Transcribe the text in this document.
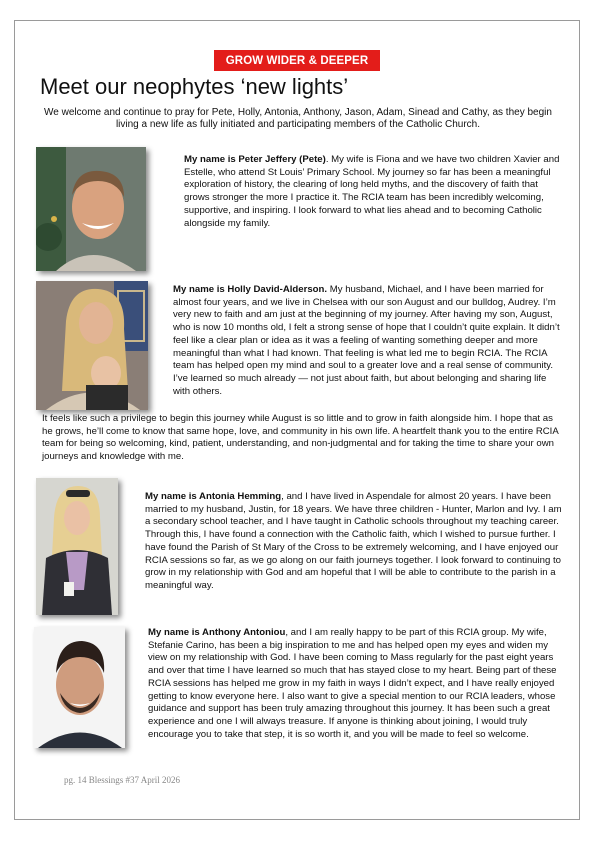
GROW WIDER & DEEPER
Meet our neophytes ‘new lights’

We welcome and continue to pray for Pete, Holly, Antonia, Anthony, Jason, Adam, Sinead and Cathy, as they begin living a new life as fully initiated and participating members of the Catholic Church.

My name is Peter Jeffery (Pete). My wife is Fiona and we have two children Xavier and Estelle, who attend St Louis’ Primary School. My journey so far has been a meaningful exploration of history, the clearing of long held myths, and the discovery of faith that grows stronger the more I practice it. The RCIA team has been incredibly welcoming, supportive, and inspiring. I look forward to what lies ahead and to becoming Catholic alongside my family.

My name is Holly David-Alderson. My husband, Michael, and I have been married for almost four years, and we live in Chelsea with our son August and our bulldog, Audrey. I’m very new to faith and am just at the beginning of my journey. After having my son, August, who is now 10 months old, I felt a strong sense of hope that I couldn’t quite explain. It didn’t feel like a clear plan or idea as it was a feeling of wanting something deeper and more meaningful than what I had known. That feeling is what led me to begin RCIA. The RCIA team has helped open my mind and soul to a greater love and a real sense of community. I’ve learned so much already — not just about faith, but about belonging and sharing life with others.

It feels like such a privilege to begin this journey while August is so little and to grow in faith alongside him. I hope that as he grows, he’ll come to know that same hope, love, and community in his own life. A heartfelt thank you to the entire RCIA team for being so welcoming, kind, patient, understanding, and non-judgmental and for taking the time to share your own journeys and knowledge with me.

My name is Antonia Hemming, and I have lived in Aspendale for almost 20 years. I have been married to my husband, Justin, for 18 years. We have three children - Hunter, Marlon and Ivy. I am a secondary school teacher, and I have taught in Catholic schools throughout my teaching career. Through this, I have found a connection with the Catholic faith, which I wished to pursue further. I have found the Parish of St Mary of the Cross to be extremely welcoming, and I have enjoyed our RCIA sessions so far, as we go along on our faith journeys together. I look forward to continuing to grow in my relationship with God and am hopeful that I will be able to contribute to the parish in a meaningful way.

My name is Anthony Antoniou, and I am really happy to be part of this RCIA group. My wife, Stefanie Carino, has been a big inspiration to me and has helped open my eyes and widen my view on my relationship with God. I have been coming to Mass regularly for the past eight years and over that time I have learned so much that has stayed close to my heart. Being part of these RCIA sessions has helped me grow in my faith in ways I didn’t expect, and I have really enjoyed getting to know everyone here. I also want to give a special mention to our RCIA leaders, whose guidance and support has been truly amazing throughout this journey. It has been such a great experience and one I will always treasure. If anyone is thinking about joining, I would truly encourage you to take that step, it is so worth it, and you will be made to feel so welcome.

pg. 14 Blessings #37 April 2026
